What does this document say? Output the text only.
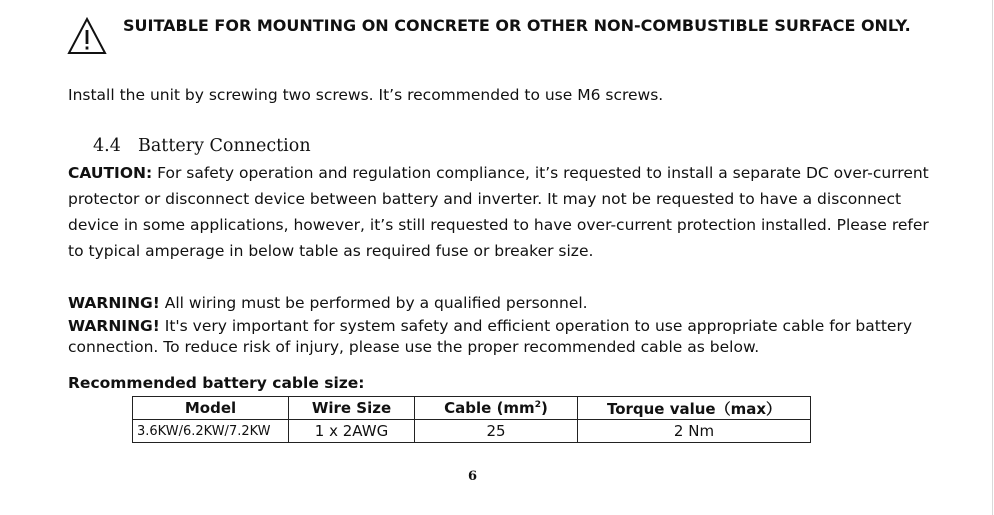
SUITABLE FOR MOUNTING ON CONCRETE OR OTHER NON-COMBUSTIBLE SURFACE ONLY.
Install the unit by screwing two screws. It’s recommended to use M6 screws.
4.4 Battery Connection
CAUTION: For safety operation and regulation compliance, it’s requested to install a separate DC over-current
protector or disconnect device between battery and inverter. It may not be requested to have a disconnect
device in some applications, however, it’s still requested to have over-current protection installed. Please refer
to typical amperage in below table as required fuse or breaker size.
WARNING! All wiring must be performed by a qualified personnel.
WARNING! It's very important for system safety and efficient operation to use appropriate cable for battery
connection. To reduce risk of injury, please use the proper recommended cable as below.
Recommended battery cable size:
Model	Wire Size	Cable $(mm^2)$	Torque value（max）
3.6KW/6.2KW/7.2KW	1 x 2AWG	25	2 Nm
6
